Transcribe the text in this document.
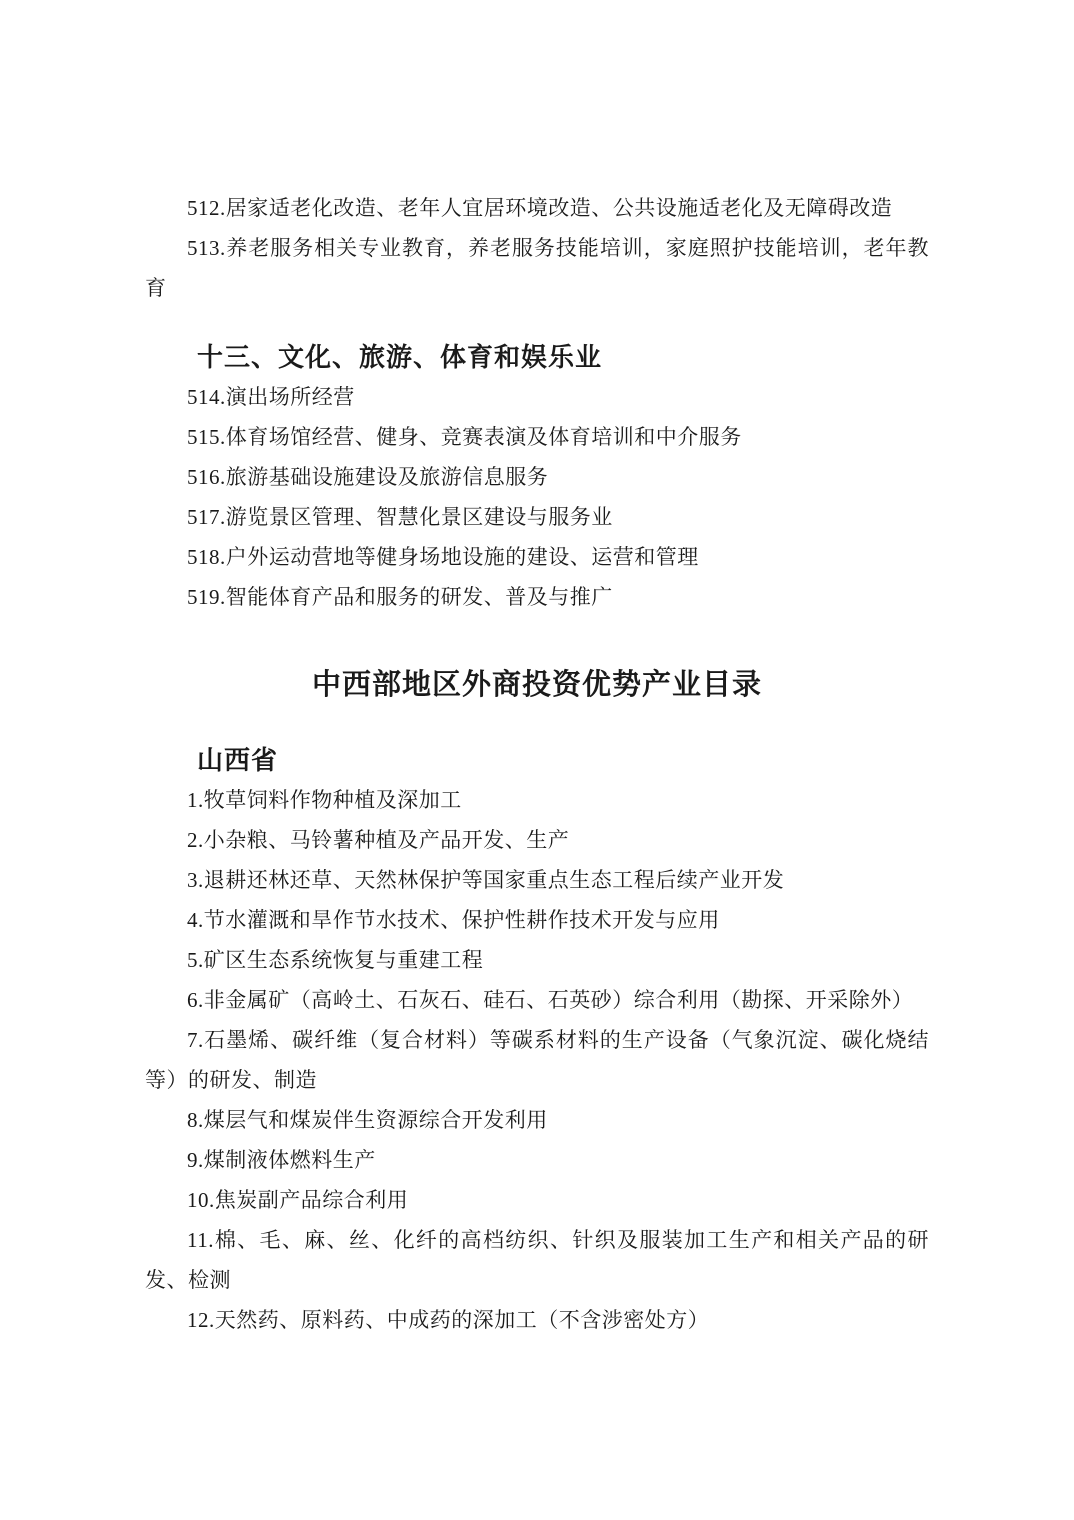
512.居家适老化改造、老年人宜居环境改造、公共设施适老化及无障碍改造

513.养老服务相关专业教育，养老服务技能培训，家庭照护技能培训，老年教育

十三、文化、旅游、体育和娱乐业

514.演出场所经营

515.体育场馆经营、健身、竞赛表演及体育培训和中介服务

516.旅游基础设施建设及旅游信息服务

517.游览景区管理、智慧化景区建设与服务业

518.户外运动营地等健身场地设施的建设、运营和管理

519.智能体育产品和服务的研发、普及与推广

中西部地区外商投资优势产业目录
山西省

1.牧草饲料作物种植及深加工

2.小杂粮、马铃薯种植及产品开发、生产

3.退耕还林还草、天然林保护等国家重点生态工程后续产业开发

4.节水灌溉和旱作节水技术、保护性耕作技术开发与应用

5.矿区生态系统恢复与重建工程

6.非金属矿（高岭土、石灰石、硅石、石英砂）综合利用（勘探、开采除外）

7.石墨烯、碳纤维（复合材料）等碳系材料的生产设备（气象沉淀、碳化烧结等）的研发、制造

8.煤层气和煤炭伴生资源综合开发利用

9.煤制液体燃料生产

10.焦炭副产品综合利用

11.棉、毛、麻、丝、化纤的高档纺织、针织及服装加工生产和相关产品的研发、检测

12.天然药、原料药、中成药的深加工（不含涉密处方）
